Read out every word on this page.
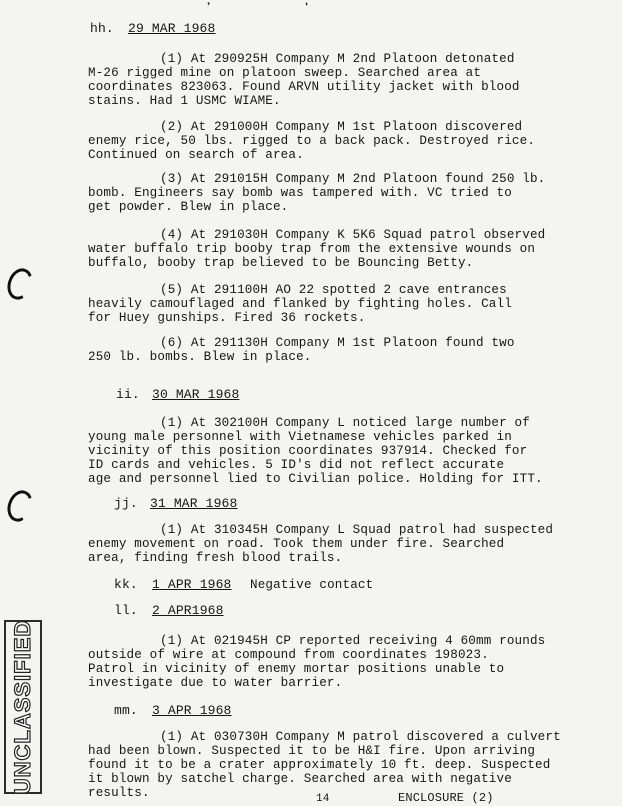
hh. 29 MAR 1968
(1) At 290925H Company M 2nd Platoon detonated
M-26 rigged mine on platoon sweep. Searched area at
coordinates 823063. Found ARVN utility jacket with blood
stains. Had 1 USMC WIAME.
(2) At 291000H Company M 1st Platoon discovered
enemy rice, 50 lbs. rigged to a back pack. Destroyed rice.
Continued on search of area.
(3) At 291015H Company M 2nd Platoon found 250 lb.
bomb. Engineers say bomb was tampered with. VC tried to
get powder. Blew in place.
(4) At 291030H Company K 5K6 Squad patrol observed
water buffalo trip booby trap from the extensive wounds on
buffalo, booby trap believed to be Bouncing Betty.
(5) At 291100H AO 22 spotted 2 cave entrances
heavily camouflaged and flanked by fighting holes. Call
for Huey gunships. Fired 36 rockets.
(6) At 291130H Company M 1st Platoon found two
250 lb. bombs. Blew in place.
ii. 30 MAR 1968
(1) At 302100H Company L noticed large number of
young male personnel with Vietnamese vehicles parked in
vicinity of this position coordinates 937914. Checked for
ID cards and vehicles. 5 ID's did not reflect accurate
age and personnel lied to Civilian police. Holding for ITT.
jj. 31 MAR 1968
(1) At 310345H Company L Squad patrol had suspected
enemy movement on road. Took them under fire. Searched
area, finding fresh blood trails.
kk. 1 APR 1968 Negative contact
ll. 2 APR1968
(1) At 021945H CP reported receiving 4 60mm rounds
outside of wire at compound from coordinates 198023.
Patrol in vicinity of enemy mortar positions unable to
investigate due to water barrier.
mm. 3 APR 1968
(1) At 030730H Company M patrol discovered a culvert
had been blown. Suspected it to be H&I fire. Upon arriving
found it to be a crater approximately 10 ft. deep. Suspected
it blown by satchel charge. Searched area with negative
results.	14	ENCLOSURE (2)
❜	❛
UNCLASSIFIED
